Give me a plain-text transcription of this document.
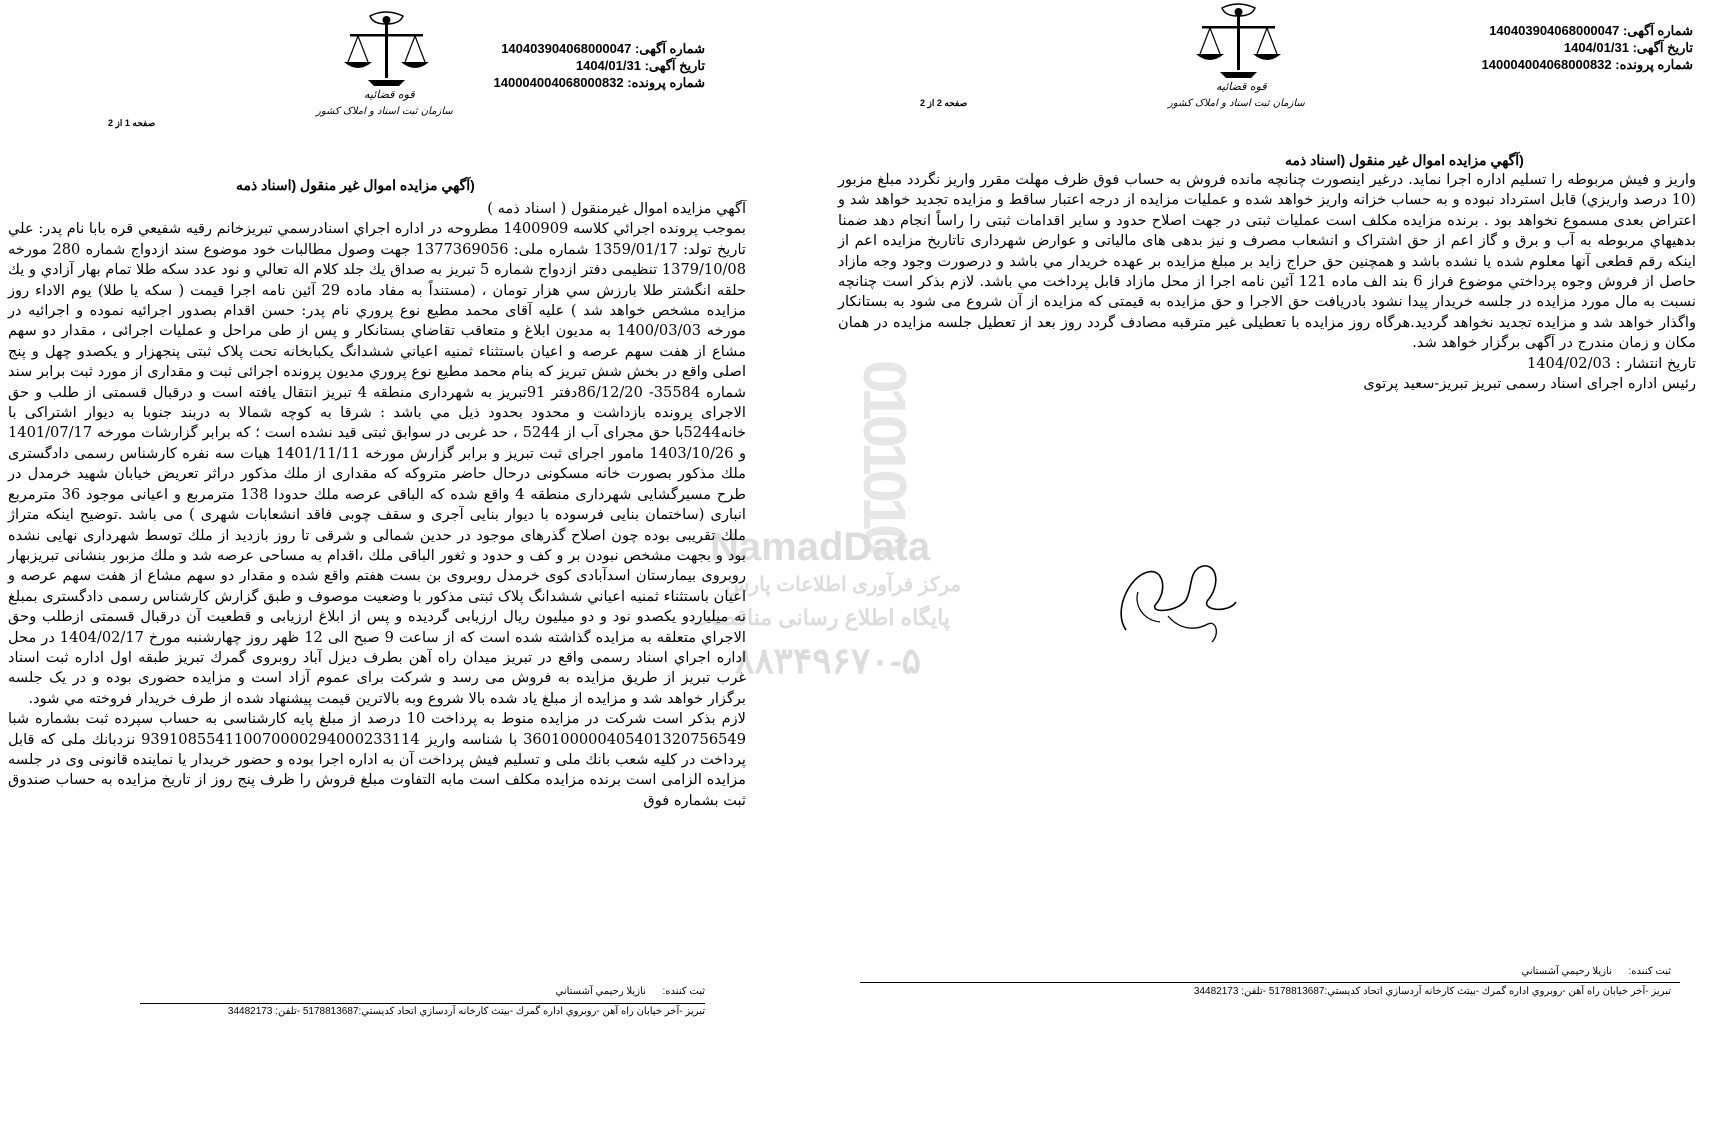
0101010
NamadData
مرکز فرآوری اطلاعات پارس
پایگاه اطلاع رسانی مناقصات
۸۸۳۴۹۶۷۰-۵
شماره آگهی: 140403904068000047
تاریخ آگهی: 1404/01/31
شماره پرونده: 140004004068000832
قوه قضائيه
سازمان ثبت اسناد و املاک کشور
صفحه 2 از 2
(آگهي مزايده اموال غير منقول (اسناد ذمه

واريز و فيش مربوطه را تسليم اداره اجرا نمايد. درغير اينصورت چنانچه مانده فروش به حساب فوق ظرف مهلت مقرر واريز نگردد مبلغ مزبور (10 درصد واريزي) قابل استرداد نبوده و به حساب خزانه واريز خواهد شده و عمليات مزايده از درجه اعتبار ساقط و مزايده تجديد خواهد شد و اعتراض بعدی مسموع نخواهد بود . برنده مزايده مكلف است عمليات ثبتی در جهت اصلاح حدود و ساير اقدامات ثبتی را راساً انجام دهد ضمنا بدهيهاي مربوطه به آب و برق و گاز اعم از حق اشتراک و انشعاب مصرف و نيز بدهی های مالياتی و عوارض شهرداری تاتاريخ مزايده اعم از اينكه رقم قطعی آنها معلوم شده يا نشده باشد و همچنين حق حراج زايد بر مبلغ مزايده بر عهده خريدار مي باشد و درصورت وجود وجه مازاد حاصل از فروش وجوه پرداختي موضوع فراز 6 بند الف ماده 121 آئين نامه اجرا از محل مازاد قابل پرداخت مي باشد. لازم بذكر است چنانچه نسبت به مال مورد مزايده در جلسه خريدار پيدا نشود بادريافت حق الاجرا و حق مزايده به قيمتی كه مزايده از آن شروع می شود به بستانكار واگذار خواهد شد و مزايده تجديد نخواهد گرديد.هرگاه روز مزايده با تعطيلی غير مترقبه مصادف گردد روز بعد از تعطيل جلسه مزايده در همان مكان و زمان مندرج در آگهی برگزار خواهد شد.

تاريخ انتشار : 1404/02/03

رئيس اداره اجرای اسناد رسمی تبريز تبريز-سعيد پرتوی

ثبت کننده:      نازيلا رحيمي آشستاني
تبريز -آخر خيابان راه آهن -روبروي اداره گمرك -بيتث كارخانه آردسازي اتحاد كديستي:5178813687 -تلفن: 34482173
شماره آگهی: 140403904068000047
تاریخ آگهی: 1404/01/31
شماره پرونده: 140004004068000832
قوه قضائيه
سازمان ثبت اسناد و املاک کشور
صفحه 1 از 2
(آگهي مزايده اموال غير منقول (اسناد ذمه

آگهي مزايده اموال غيرمنقول ( اسناد ذمه )

بموجب پرونده اجرائي كلاسه 1400909 مطروحه در اداره اجراي اسنادرسمي تبريزخانم رقيه شفيعي قره بابا نام پدر: علي تاريخ تولد: 1359/01/17 شماره ملی: 1377369056 جهت وصول مطالبات خود موضوع سند ازدواج شماره 280 مورخه 1379/10/08 تنظيمی دفتر ازدواج شماره 5 تبريز به صداق يك جلد كلام اله تعالي و نود عدد سكه طلا تمام بهار آزادي و يك حلقه انگشتر طلا بارزش سي هزار تومان ، (مستنداً به مفاد ماده 29 آئين نامه اجرا قيمت ( سكه يا طلا) يوم الاداء روز مزايده مشخص خواهد شد ) عليه آقای محمد مطيع نوع پروري نام پدر: حسن اقدام بصدور اجرائيه نموده و اجرائيه در مورخه 1400/03/03 به مديون ابلاغ و متعاقب تقاضاي بستانكار و پس از طی مراحل و عمليات اجرائی ، مقدار دو سهم مشاع از هفت سهم عرصه و اعيان باستثناء ثمنيه اعياني ششدانگ يكبابخانه تحت پلاک ثبتی پنجهزار و يكصدو چهل و پنج اصلی واقع در بخش شش تبريز كه بنام محمد مطيع نوع پروري مديون پرونده اجرائی ثبت و مقداری از مورد ثبت برابر سند شماره 35584- 86/12/20دفتر 91تبريز به شهرداری منطقه 4 تبريز انتقال يافته است و درقبال قسمتی از طلب و حق الاجرای پرونده بازداشت و محدود بحدود ذيل مي باشد : شرقا به كوچه شمالا به دربند جنوبا به ديوار اشتراكی با خانه5244با حق مجرای آب از 5244 ، حد غربی در سوابق ثبتی قيد نشده است ؛ كه برابر گزارشات مورخه 1401/07/17 و 1403/10/26 مامور اجرای ثبت تبريز و برابر گزارش مورخه 1401/11/11 هيات سه نفره كارشناس رسمی دادگستری ملك مذكور بصورت خانه مسكونی درحال حاضر متروكه كه مقداری از ملك مذكور دراثر تعريض خيابان شهيد خرمدل در طرح مسيرگشايی شهرداری منطقه 4 واقع شده كه الباقی عرصه ملك حدودا 138 مترمربع و اعيانی موجود 36 مترمربع انباری (ساختمان بنايی فرسوده با ديوار بنايی آجری و سقف چوبی فاقد انشعابات شهری ) می باشد .توضيح اينكه متراژ ملك تقريبی بوده چون اصلاح گذرهای موجود در حدين شمالی و شرقی تا روز بازديد از ملك توسط شهرداری نهايی نشده بود و بجهت مشخص نبودن بر و كف و حدود و ثغور الباقی ملك ،اقدام به مساحی عرصه شد و ملك مزبور بنشانی تبريزبهار روبروی بيمارستان اسدآبادی كوی خرمدل روبروی بن بست هفتم واقع شده و مقدار دو سهم مشاع از هفت سهم عرصه و اعيان باستثناء ثمنيه اعياني ششدانگ پلاک ثبتی مذكور با وضعيت موصوف و طبق گزارش كارشناس رسمی دادگستری بمبلغ نه ميلياردو يكصدو نود و دو ميليون ريال ارزيابی گرديده و پس از ابلاغ ارزيابی و قطعيت آن درقبال قسمتی ازطلب وحق الاجراي متعلقه به مزايده گذاشته شده است كه از ساعت 9 صبح الی 12 ظهر روز چهارشنبه مورخ 1404/02/17 در محل اداره اجراي اسناد رسمی واقع در تبريز ميدان راه آهن بطرف ديزل آباد روبروی گمرك تبريز طبقه اول اداره ثبت اسناد غرب تبريز از طريق مزايده به فروش می رسد و شركت برای عموم آزاد است و مزايده حضوری بوده و در يک جلسه برگزار خواهد شد و مزايده از مبلغ ياد شده بالا شروع وبه بالاترين قيمت پيشنهاد شده از طرف خريدار فروخته مي شود.

لازم بذكر است شركت در مزايده منوط به پرداخت 10 درصد از مبلغ پايه كارشناسی به حساب سپرده ثبت بشماره شبا 360100000405401320756549 با شناسه واريز 939108554110070000294000233114 نزدبانك ملی كه قابل پرداخت در كليه شعب بانك ملی و تسليم فيش پرداخت آن به اداره اجرا بوده و حضور خريدار يا نماينده قانونی وی در جلسه مزايده الزامی است برنده مزايده مكلف است مابه التفاوت مبلغ فروش را ظرف پنج روز از تاريخ مزايده به حساب صندوق ثبت بشماره فوق

ثبت کننده:      نازيلا رحيمي آشستاني
تبريز -آخر خيابان راه آهن -روبروي اداره گمرك -بيتث كارخانه آردسازي اتحاد كديستي:5178813687 -تلفن: 34482173
